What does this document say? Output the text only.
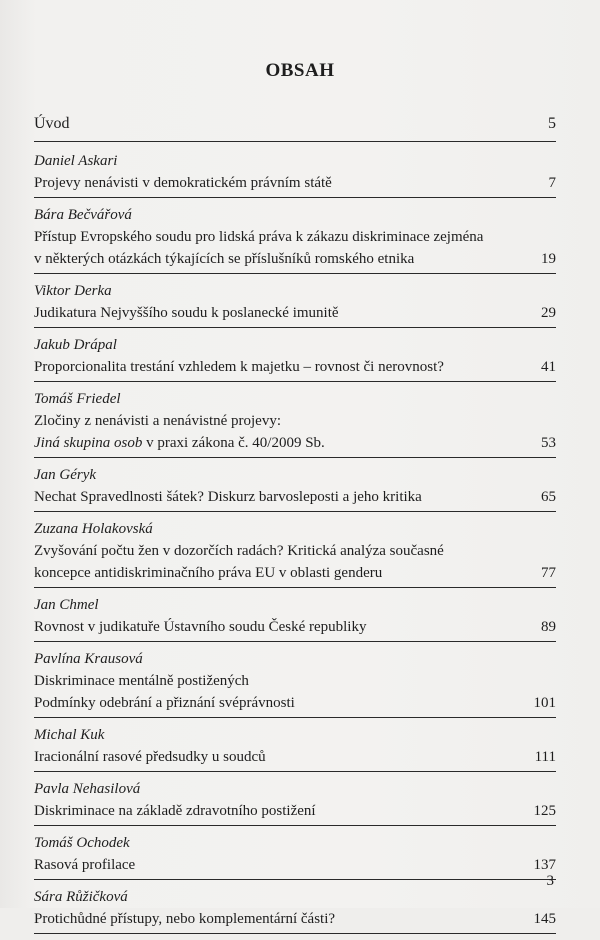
OBSAH
Úvod	5
Daniel Askari
Projevy nenávisti v demokratickém právním státě	7
Bára Bečvářová
Přístup Evropského soudu pro lidská práva k zákazu diskriminace zejména
v některých otázkách týkajících se příslušníků romského etnika	19
Viktor Derka
Judikatura Nejvyššího soudu k poslanecké imunitě	29
Jakub Drápal
Proporcionalita trestání vzhledem k majetku – rovnost či nerovnost?	41
Tomáš Friedel
Zločiny z nenávisti a nenávistné projevy:
Jiná skupina osob v praxi zákona č. 40/2009 Sb.	53
Jan Géryk
Nechat Spravedlnosti šátek? Diskurz barvosleposti a jeho kritika	65
Zuzana Holakovská
Zvyšování počtu žen v dozorčích radách? Kritická analýza současné
koncepce antidiskriminačního práva EU v oblasti genderu	77
Jan Chmel
Rovnost v judikatuře Ústavního soudu České republiky	89
Pavlína Krausová
Diskriminace mentálně postižených
Podmínky odebrání a přiznání svéprávnosti	101
Michal Kuk
Iracionální rasové předsudky u soudců	111
Pavla Nehasilová
Diskriminace na základě zdravotního postižení	125
Tomáš Ochodek
Rasová profilace	137
Sára Růžičková
Protichůdné přístupy, nebo komplementární části?	145
3
